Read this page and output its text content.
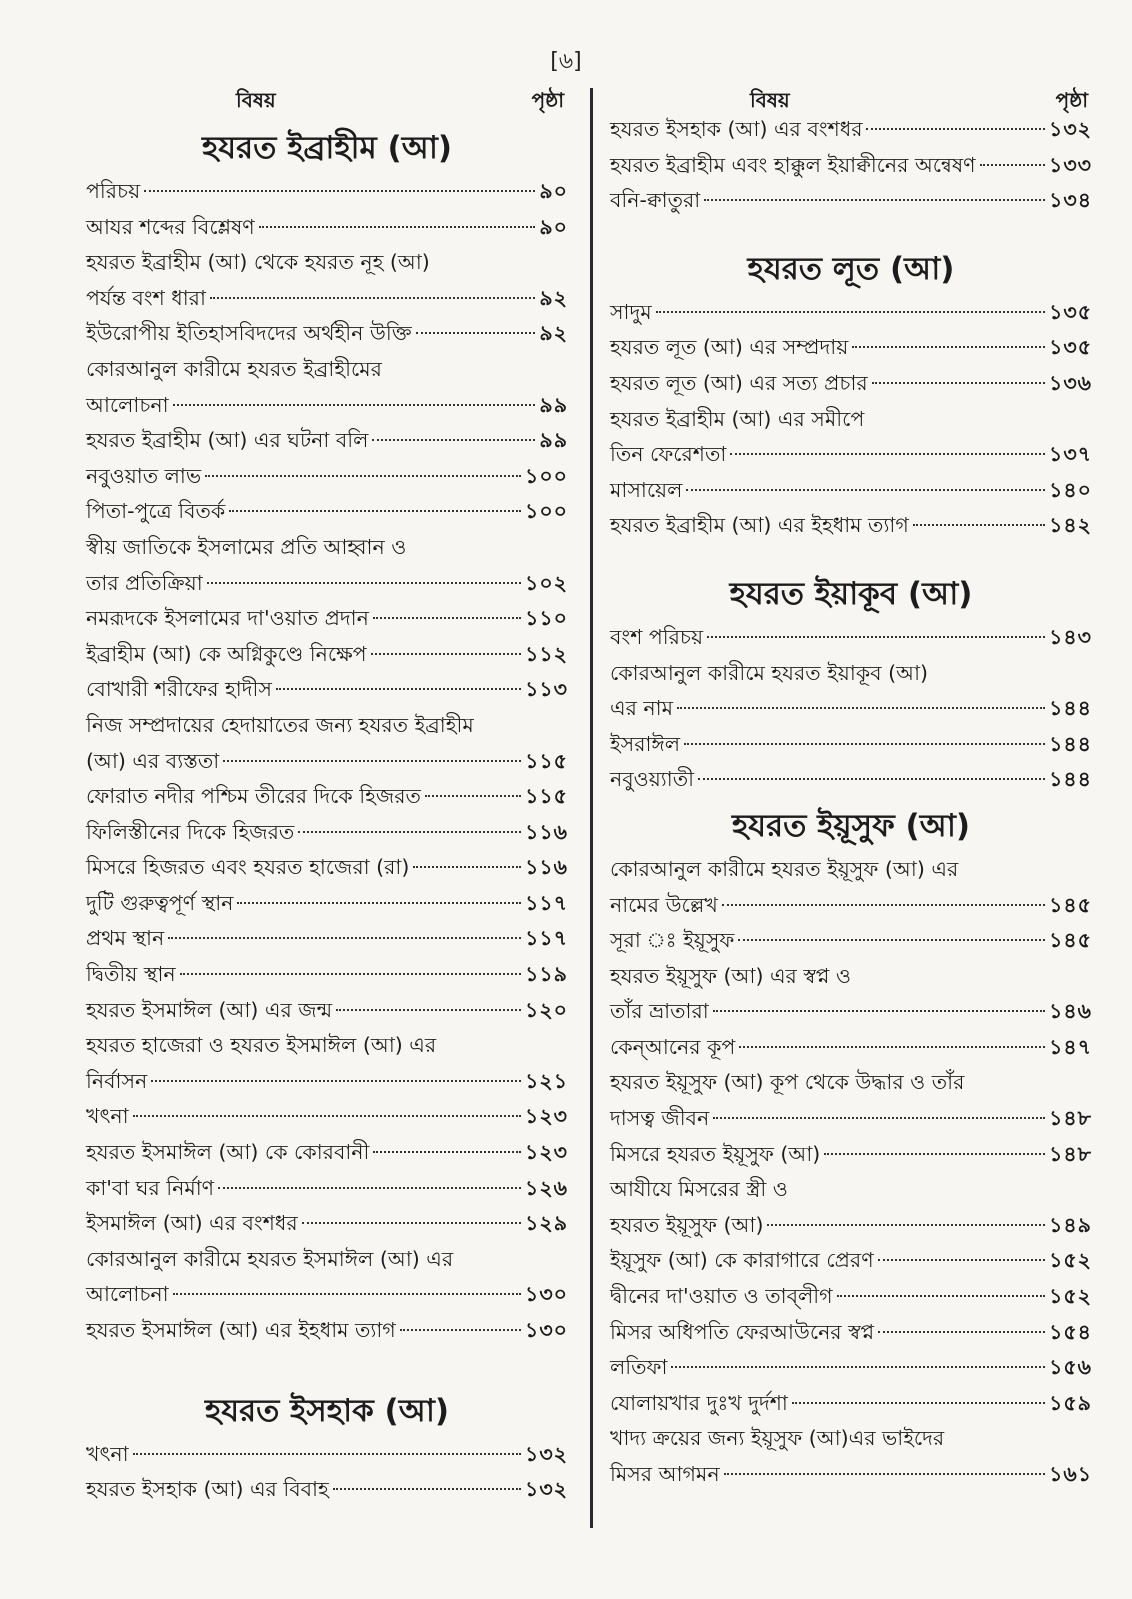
[৬]
বিষয়	পৃষ্ঠা
হযরত ইব্রাহীম (আ)
পরিচয়	৯০
আযর শব্দের বিশ্লেষণ	৯০
হযরত ইব্রাহীম (আ) থেকে হযরত নূহ (আ)
পর্যন্ত বংশ ধারা	৯২
ইউরোপীয় ইতিহাসবিদদের অর্থহীন উক্তি	৯২
কোরআনুল কারীমে হযরত ইব্রাহীমের
আলোচনা	৯৯
হযরত ইব্রাহীম (আ) এর ঘটনা বলি	৯৯
নবুওয়াত লাভ	১০০
পিতা-পুত্রে বিতর্ক	১০০
স্বীয় জাতিকে ইসলামের প্রতি আহ্বান ও
তার প্রতিক্রিয়া	১০২
নমরূদকে ইসলামের দা'ওয়াত প্রদান	১১০
ইব্রাহীম (আ) কে অগ্নিকুণ্ডে নিক্ষেপ	১১২
বোখারী শরীফের হাদীস	১১৩
নিজ সম্প্রদায়ের হেদায়াতের জন্য হযরত ইব্রাহীম
(আ) এর ব্যস্ততা	১১৫
ফোরাত নদীর পশ্চিম তীরের দিকে হিজরত	১১৫
ফিলিস্তীনের দিকে হিজরত	১১৬
মিসরে হিজরত এবং হযরত হাজেরা (রা)	১১৬
দুটি গুরুত্বপূর্ণ স্থান	১১৭
প্রথম স্থান	১১৭
দ্বিতীয় স্থান	১১৯
হযরত ইসমাঈল (আ) এর জন্ম	১২০
হযরত হাজেরা ও হযরত ইসমাঈল (আ) এর
নির্বাসন	১২১
খৎনা	১২৩
হযরত ইসমাঈল (আ) কে কোরবানী	১২৩
কা'বা ঘর নির্মাণ	১২৬
ইসমাঈল (আ) এর বংশধর	১২৯
কোরআনুল কারীমে হযরত ইসমাঈল (আ) এর
আলোচনা	১৩০
হযরত ইসমাঈল (আ) এর ইহধাম ত্যাগ	১৩০
হযরত ইসহাক (আ)
খৎনা	১৩২
হযরত ইসহাক (আ) এর বিবাহ	১৩২
বিষয়	পৃষ্ঠা
হযরত ইসহাক (আ) এর বংশধর	১৩২
হযরত ইব্রাহীম এবং হাক্কুল ইয়াক্বীনের অন্বেষণ	১৩৩
বনি-ক্বাতুরা	১৩৪
হযরত লূত (আ)
সাদুম	১৩৫
হযরত লূত (আ) এর সম্প্রদায়	১৩৫
হযরত লূত (আ) এর সত্য প্রচার	১৩৬
হযরত ইব্রাহীম (আ) এর সমীপে
তিন ফেরেশতা	১৩৭
মাসায়েল	১৪০
হযরত ইব্রাহীম (আ) এর ইহধাম ত্যাগ	১৪২
হযরত ইয়াকূব (আ)
বংশ পরিচয়	১৪৩
কোরআনুল কারীমে হযরত ইয়াকূব (আ)
এর নাম	১৪৪
ইসরাঈল	১৪৪
নবুওয়্যাতী	১৪৪
হযরত ইয়ূসুফ (আ)
কোরআনুল কারীমে হযরত ইয়ূসুফ (আ) এর
নামের উল্লেখ	১৪৫
সূরা ঃ ইয়ূসুফ	১৪৫
হযরত ইয়ূসুফ (আ) এর স্বপ্ন ও
তাঁর ভ্রাতারা	১৪৬
কেন্‌আনের কূপ	১৪৭
হযরত ইয়ূসুফ (আ) কূপ থেকে উদ্ধার ও তাঁর
দাসত্ব জীবন	১৪৮
মিসরে হযরত ইয়ূসুফ (আ)	১৪৮
আযীযে মিসরের স্ত্রী ও
হযরত ইয়ূসুফ (আ)	১৪৯
ইয়ূসুফ (আ) কে কারাগারে প্রেরণ	১৫২
দ্বীনের দা'ওয়াত ও তাব্‌লীগ	১৫২
মিসর অধিপতি ফেরআউনের স্বপ্ন	১৫৪
লতিফা	১৫৬
যোলায়খার দুঃখ দুর্দশা	১৫৯
খাদ্য ক্রয়ের জন্য ইয়ূসুফ (আ)এর ভাইদের
মিসর আগমন	১৬১
